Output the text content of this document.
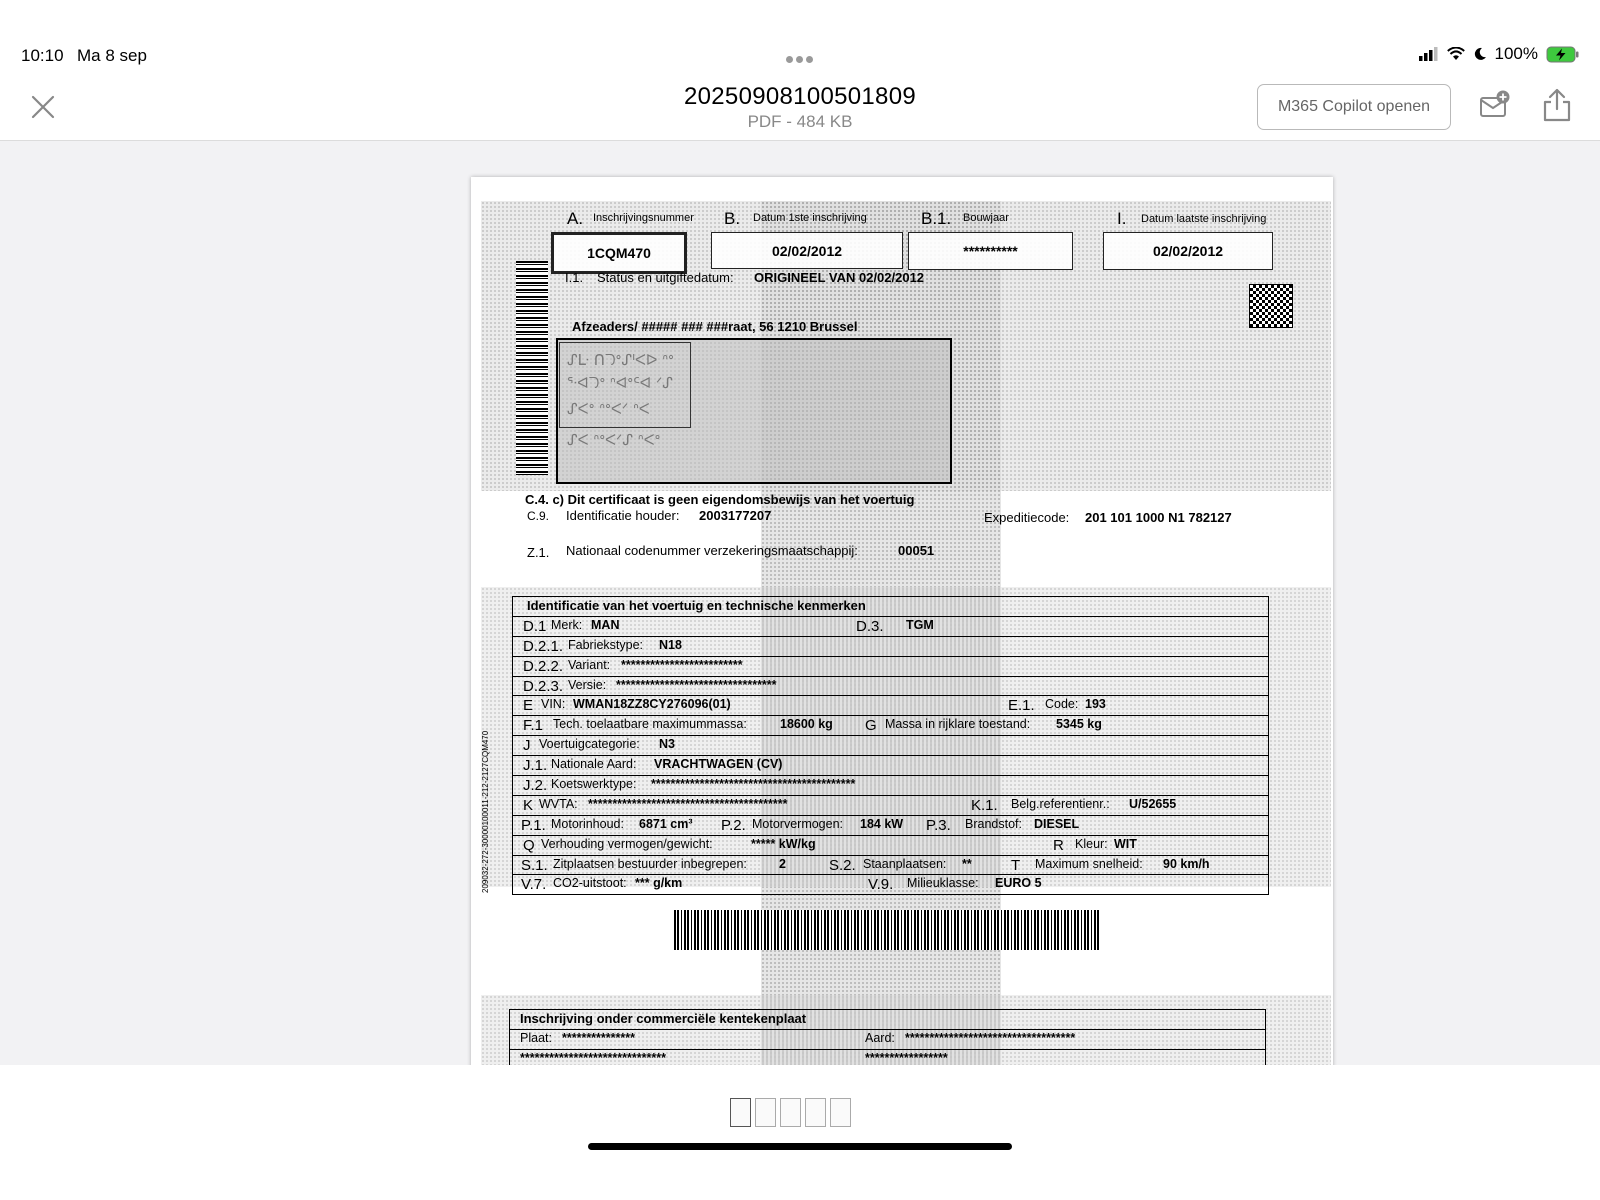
10:10 Ma 8 sep	100%
20250908100501809
PDF - 484 KB
M365 Copilot openen
A. Inschrijvingsnummer
1CQM470
B. Datum 1ste inschrijving
02/02/2012
B.1. Bouwjaar
**********
I. Datum laatste inschrijving
02/02/2012
I.1. Status en uitgiftedatum: ORIGINEEL VAN 02/02/2012
Afzeaders/ ##### ### ###raat, 56 1210 Brussel
ᔑᒷ ᑎᘄᐤᔑᑊᐸᐅ ᐢᐤ
ᕐᐧᐊᘄᐤ ᐢᐊᐤᑦᐊ ᐟᔑ
ᔑᐸᐤ ᐢᐤᐸᐟ ᐢᐸ
ᔑᐸ ᐢᐤᐸᐟᔑ ᐢᐸᐤ
C.4. c) Dit certificaat is geen eigendomsbewijs van het voertuig
C.9. Identificatie houder: 2003177207	Expeditiecode: 201 101 1000 N1 782127
Z.1. Nationaal codenummer verzekeringsmaatschappij:	00051
209032-272-30000100011-212-2127CQM470
Identificatie van het voertuig en technische kenmerken
D.1 Merk: MAN	D.3. TGM
D.2.1. Fabriekstype: N18
D.2.2. Variant: *************************
D.2.3. Versie: *********************************
E VIN: WMAN18ZZ8CY276096(01)	E.1. Code: 193
F.1 Tech. toelaatbare maximummassa:	18600 kg G Massa in rijklare toestand: 5345 kg
J Voertuigcategorie: N3
J.1. Nationale Aard: VRACHTWAGEN (CV)
J.2. Koetswerktype: ******************************************
K WVTA: *****************************************	K.1. Belg.referentienr.: U/52655
P.1. Motorinhoud: 6871 cm³ P.2. Motorvermogen: 184 kW P.3. Brandstof: DIESEL
Q Verhouding vermogen/gewicht:	***** kW/kg	R Kleur: WIT
S.1. Zitplaatsen bestuurder inbegrepen:	2	S.2. Staanplaatsen: **	T Maximum snelheid: 90 km/h
V.7. CO2-uitstoot: *** g/km	V.9. Milieuklasse: EURO 5
Inschrijving onder commerciële kentekenplaat
Plaat: ***************	Aard: ***********************************
******************************	*****************
